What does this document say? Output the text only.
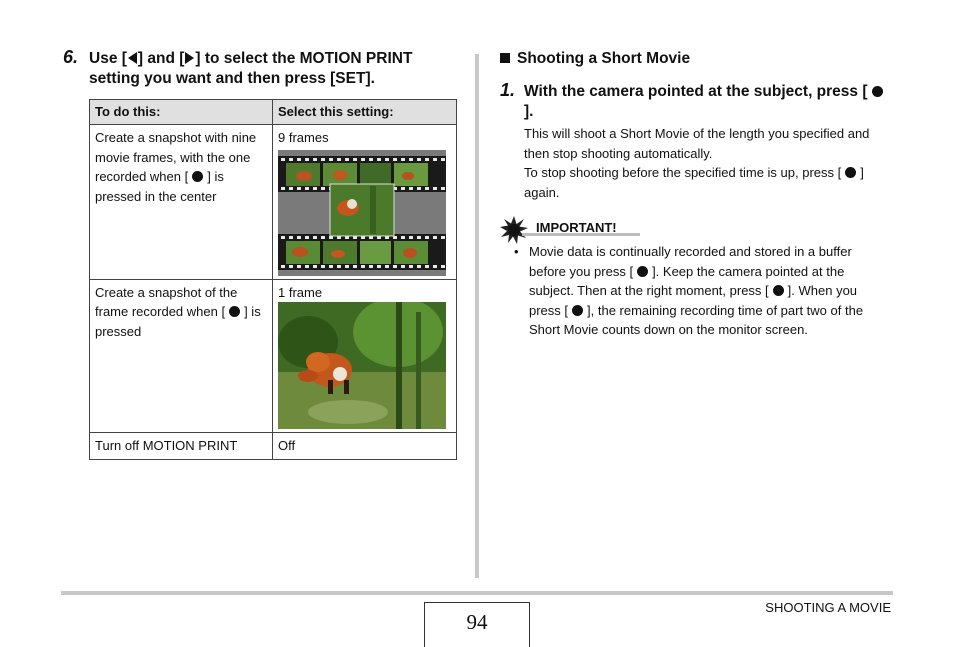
6. Use [ ] and [ ] to select the MOTION PRINT setting you want and then press [SET].
To do this:	Select this setting:
Create a snapshot with nine movie frames, with the one recorded when [ ] is pressed in the center	9 frames

Create a snapshot of the frame recorded when [ ] is pressed	1 frame

Turn off MOTION PRINT	Off
Shooting a Short Movie
1. With the camera pointed at the subject, press [].
This will shoot a Short Movie of the length you specified and then stop shooting automatically.
To stop shooting before the specified time is up, press [ ] again.
IMPORTANT!
• Movie data is continually recorded and stored in a buffer before you press [ ]. Keep the camera pointed at the subject. Then at the right moment, press [ ]. When you press [ ], the remaining recording time of part two of the Short Movie counts down on the monitor screen.
94
SHOOTING A MOVIE
